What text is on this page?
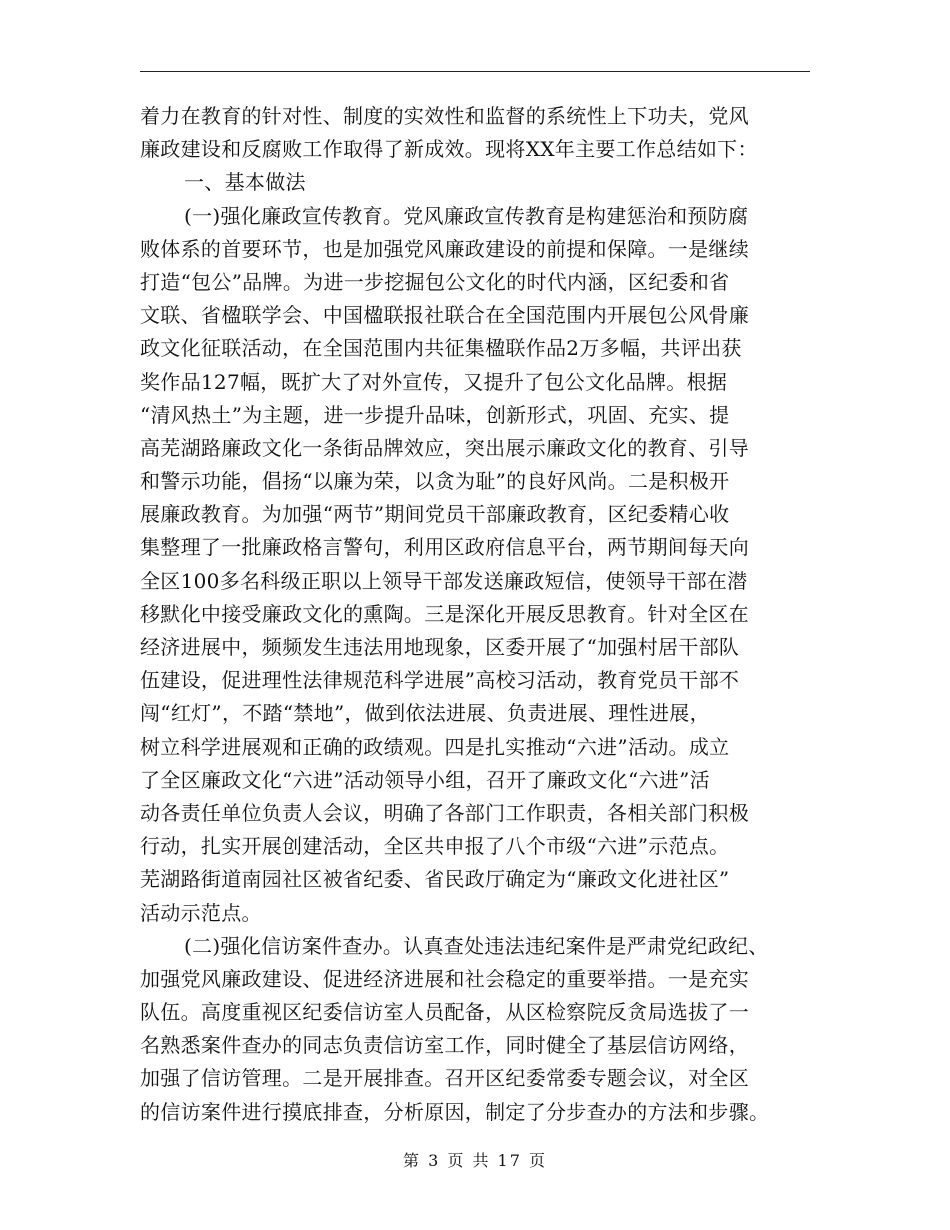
着力在教育的针对性、制度的实效性和监督的系统性上下功夫，党风
廉政建设和反腐败工作取得了新成效。现将XX年主要工作总结如下：
一、基本做法
(一)强化廉政宣传教育。党风廉政宣传教育是构建惩治和预防腐
败体系的首要环节，也是加强党风廉政建设的前提和保障。一是继续
打造“包公”品牌。为进一步挖掘包公文化的时代内涵，区纪委和省
文联、省楹联学会、中国楹联报社联合在全国范围内开展包公风骨廉
政文化征联活动，在全国范围内共征集楹联作品2万多幅，共评出获
奖作品127幅，既扩大了对外宣传，又提升了包公文化品牌。根据
“清风热土”为主题，进一步提升品味，创新形式，巩固、充实、提
高芜湖路廉政文化一条街品牌效应，突出展示廉政文化的教育、引导
和警示功能，倡扬“以廉为荣，以贪为耻”的良好风尚。二是积极开
展廉政教育。为加强“两节”期间党员干部廉政教育，区纪委精心收
集整理了一批廉政格言警句，利用区政府信息平台，两节期间每天向
全区100多名科级正职以上领导干部发送廉政短信，使领导干部在潜
移默化中接受廉政文化的熏陶。三是深化开展反思教育。针对全区在
经济进展中，频频发生违法用地现象，区委开展了“加强村居干部队
伍建设，促进理性法律规范科学进展”高校习活动，教育党员干部不
闯“红灯”，不踏“禁地”，做到依法进展、负责进展、理性进展，
树立科学进展观和正确的政绩观。四是扎实推动“六进”活动。成立
了全区廉政文化“六进”活动领导小组，召开了廉政文化“六进”活
动各责任单位负责人会议，明确了各部门工作职责，各相关部门积极
行动，扎实开展创建活动，全区共申报了八个市级“六进”示范点。
芜湖路街道南园社区被省纪委、省民政厅确定为“廉政文化进社区”
活动示范点。
(二)强化信访案件查办。认真查处违法违纪案件是严肃党纪政纪、
加强党风廉政建设、促进经济进展和社会稳定的重要举措。一是充实
队伍。高度重视区纪委信访室人员配备，从区检察院反贪局选拔了一
名熟悉案件查办的同志负责信访室工作，同时健全了基层信访网络，
加强了信访管理。二是开展排查。召开区纪委常委专题会议，对全区
的信访案件进行摸底排查，分析原因，制定了分步查办的方法和步骤。
第 3 页 共 17 页
